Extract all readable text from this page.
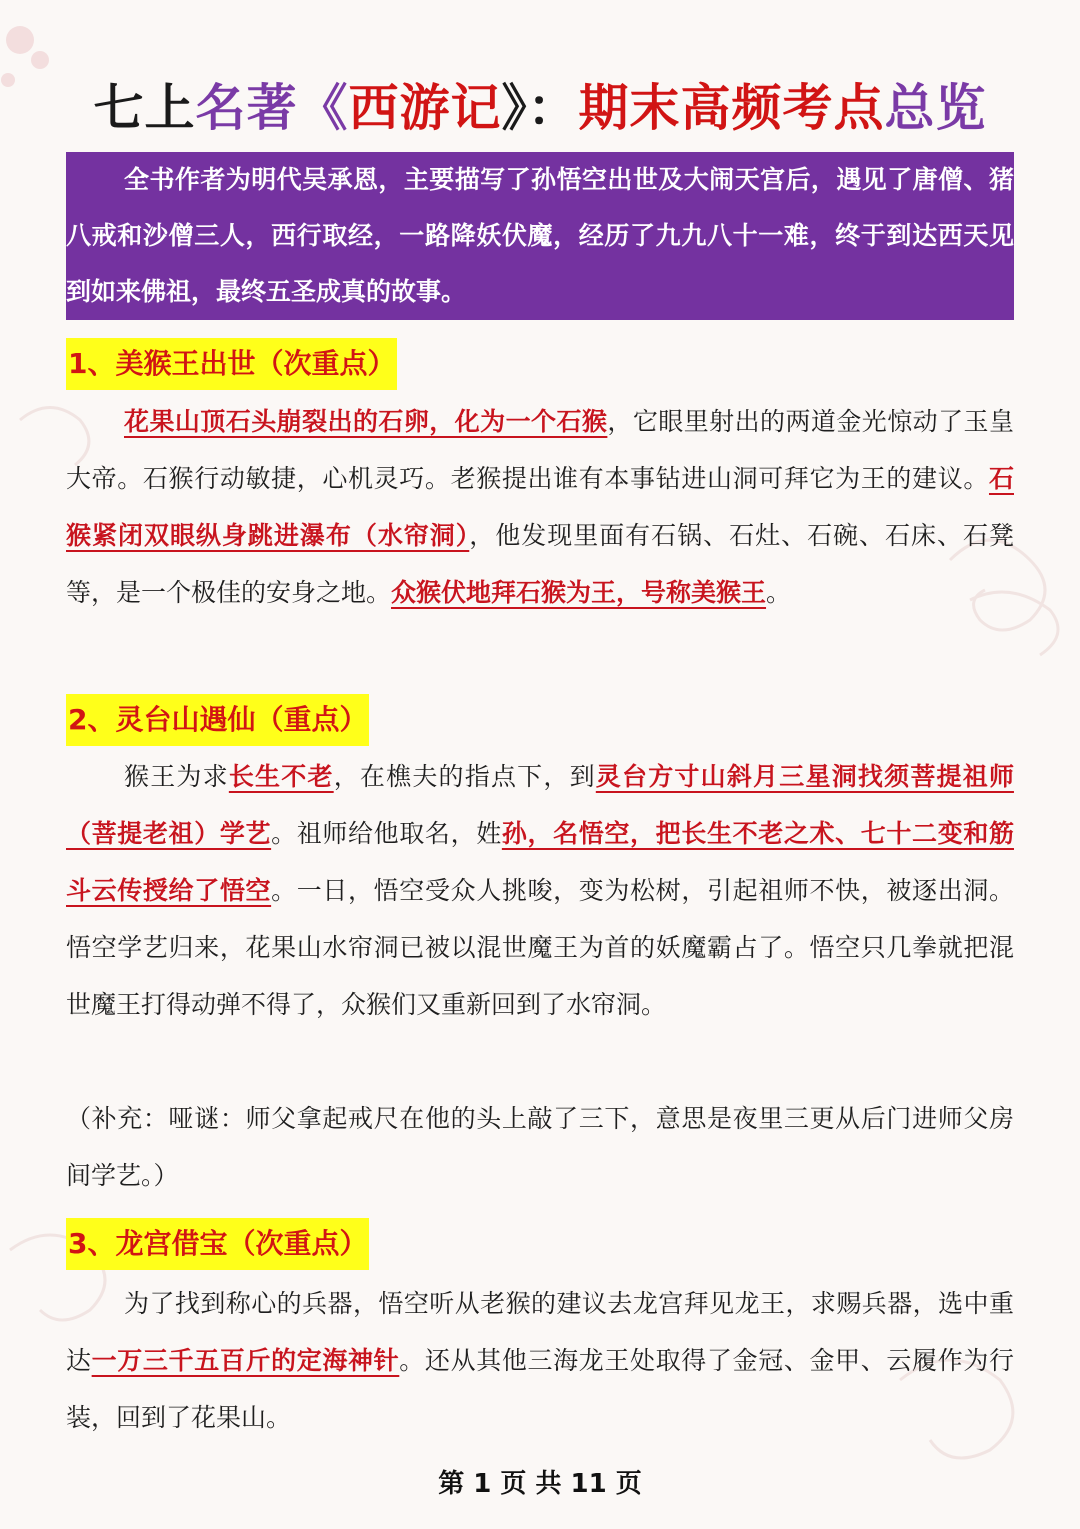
七上名著《西游记》：期末高频考点总览

全书作者为明代吴承恩，主要描写了孙悟空出世及大闹天宫后，遇见了唐僧、猪八戒和沙僧三人，西行取经，一路降妖伏魔，经历了九九八十一难，终于到达西天见到如来佛祖，最终五圣成真的故事。

1、美猴王出世（次重点）

花果山顶石头崩裂出的石卵，化为一个石猴，它眼里射出的两道金光惊动了玉皇大帝。石猴行动敏捷，心机灵巧。老猴提出谁有本事钻进山洞可拜它为王的建议。石猴紧闭双眼纵身跳进瀑布（水帘洞），他发现里面有石锅、石灶、石碗、石床、石凳等，是一个极佳的安身之地。众猴伏地拜石猴为王，号称美猴王。

2、灵台山遇仙（重点）

猴王为求长生不老，在樵夫的指点下，到灵台方寸山斜月三星洞找须菩提祖师（菩提老祖）学艺。祖师给他取名，姓孙，名悟空，把长生不老之术、七十二变和筋斗云传授给了悟空。一日，悟空受众人挑唆，变为松树，引起祖师不快，被逐出洞。悟空学艺归来，花果山水帘洞已被以混世魔王为首的妖魔霸占了。悟空只几拳就把混世魔王打得动弹不得了，众猴们又重新回到了水帘洞。

（补充：哑谜：师父拿起戒尺在他的头上敲了三下，意思是夜里三更从后门进师父房间学艺。）

3、龙宫借宝（次重点）

为了找到称心的兵器，悟空听从老猴的建议去龙宫拜见龙王，求赐兵器，选中重达一万三千五百斤的定海神针。还从其他三海龙王处取得了金冠、金甲、云履作为行装，回到了花果山。

第 1 页 共 11 页
